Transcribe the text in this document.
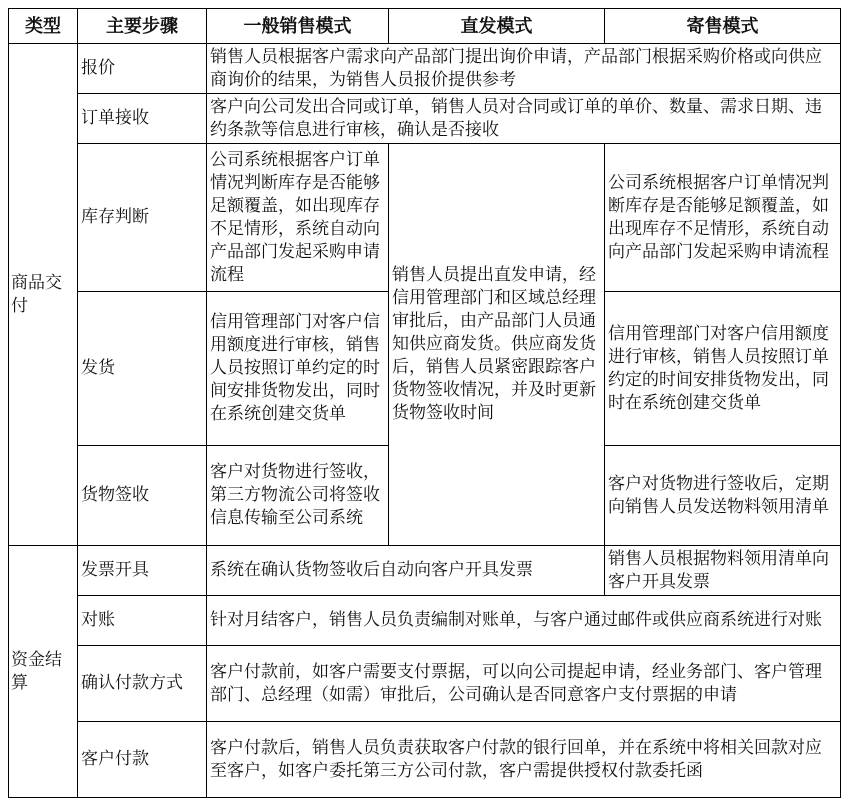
类型	主要步骤	一般销售模式	直发模式	寄售模式
商品交付	报价	销售人员根据客户需求向产品部门提出询价申请，产品部门根据采购价格或向供应商询价的结果，为销售人员报价提供参考		
	订单接收	客户向公司发出合同或订单，销售人员对合同或订单的单价、数量、需求日期、违约条款等信息进行审核，确认是否接收		
	库存判断	公司系统根据客户订单情况判断库存是否能够足额覆盖，如出现库存不足情形，系统自动向产品部门发起采购申请流程	销售人员提出直发申请，经信用管理部门和区域总经理审批后，由产品部门人员通知供应商发货。供应商发货后，销售人员紧密跟踪客户货物签收情况，并及时更新货物签收时间	公司系统根据客户订单情况判断库存是否能够足额覆盖，如出现库存不足情形，系统自动向产品部门发起采购申请流程
	发货	信用管理部门对客户信用额度进行审核，销售人员按照订单约定的时间安排货物发出，同时在系统创建交货单		信用管理部门对客户信用额度进行审核，销售人员按照订单约定的时间安排货物发出，同时在系统创建交货单
	货物签收	客户对货物进行签收，第三方物流公司将签收信息传输至公司系统		客户对货物进行签收后，定期向销售人员发送物料领用清单
资金结算	发票开具	系统在确认货物签收后自动向客户开具发票		销售人员根据物料领用清单向客户开具发票
	对账	针对月结客户，销售人员负责编制对账单，与客户通过邮件或供应商系统进行对账		
	确认付款方式	客户付款前，如客户需要支付票据，可以向公司提起申请，经业务部门、客户管理部门、总经理（如需）审批后，公司确认是否同意客户支付票据的申请		
	客户付款	客户付款后，销售人员负责获取客户付款的银行回单，并在系统中将相关回款对应至客户，如客户委托第三方公司付款，客户需提供授权付款委托函		
